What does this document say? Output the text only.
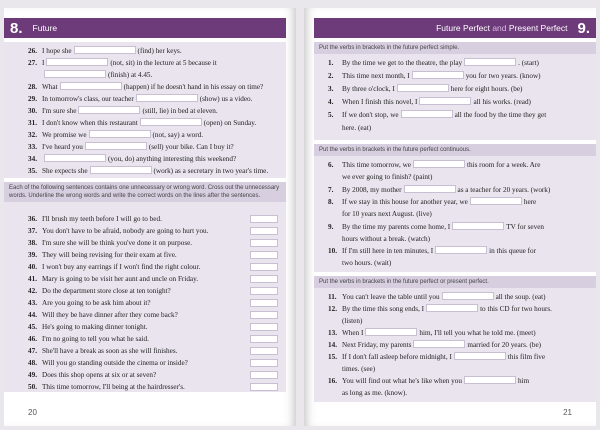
8.	Future
26. I hope she	(find) her keys.
27. I	(not, sit) in the lecture at 5 because it
(finish) at 4.45.
28. What	(happen) if he doesn't hand in his essay on time?
29. In tomorrow's class, our teacher	(show) us a video.
30. I'm sure she	(still, lie) in bed at eleven.
31. I don't know when this restaurant	(open) on Sunday.
32. We promise we	(not, say) a word.
33. I've heard you	(sell) your bike. Can I buy it?
34.	(you, do) anything interesting this weekend?
35. She expects she	(work) as a secretary in two year's time.
Each of the following sentences contains one unnecessary or wrong word. Cross out the unnecessary words. Underline the wrong words and write the correct words on the lines after the sentences.
36. I'll brush my teeth before I will go to bed.
37. You don't have to be afraid, nobody are going to hurt you.
38. I'm sure she will be think you've done it on purpose.
39. They will being revising for their exam at five.
40. I won't buy any earrings if I won't find the right colour.
41. Mary is going to be visit her aunt and uncle on Friday.
42. Do the department store close at ten tonight?
43. Are you going to be ask him about it?
44. Will they be have dinner after they come back?
45. He's going to making dinner tonight.
46. I'm no going to tell you what he said.
47. She'll have a break as soon as she will finishes.
48. Will you go standing outside the cinema or inside?
49. Does this shop opens at six or at seven?
50. This time tomorrow, I'll being at the hairdresser's.
20
Future Perfect and Present Perfect 9.
Put the verbs in brackets in the future perfect simple.
1. By the time we get to the theatre, the play	. (start)
2. This time next month, I	you for two years. (know)
3. By three o'clock, I	here for eight hours. (be)
4. When I finish this novel, I	all his works. (read)
5. If we don't stop, we	all the food by the time they get
here. (eat)
Put the verbs in brackets in the future perfect continuous.
6. This time tomorrow, we	this room for a week. Are
we ever going to finish? (paint)
7. By 2008, my mother	as a teacher for 20 years. (work)
8. If we stay in this house for another year, we	here
for 10 years next August. (live)
9. By the time my parents come home, I	TV for seven
hours without a break. (watch)
10. If I'm still here in ten minutes, I	in this queue for
two hours. (wait)
Put the verbs in brackets in the future perfect or present perfect.
11. You can't leave the table until you	all the soup. (eat)
12. By the time this song ends, I	to this CD for two hours.
(listen)
13. When I	him, I'll tell you what he told me. (meet)
14. Next Friday, my parents	married for 20 years. (be)
15. If I don't fall asleep before midnight, I	this film five
times. (see)
16. You will find out what he's like when you	him
as long as me. (know).
21
